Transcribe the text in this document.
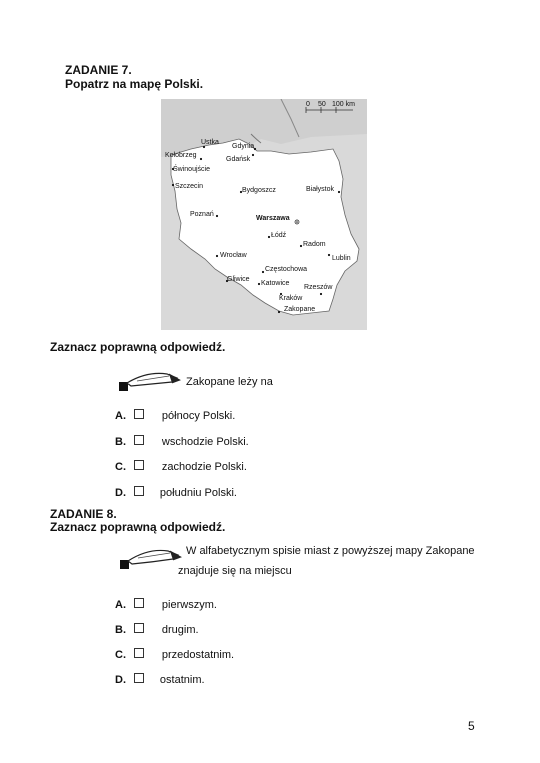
ZADANIE 7.
Popatrz na mapę Polski.
0 50 100 km
Ustka
Gdynia
Kołobrzeg
Gdańsk
Świnoujście
Szczecin
Bydgoszcz	Białystok
Poznań
Warszawa
Łódź
Radom
Lublin
Wrocław
Częstochowa
Gliwice
Katowice
Rzeszów
Kraków
Zakopane
Zaznacz poprawną odpowiedź.
Zakopane leży na
A.	północy Polski.
B.	wschodzie Polski.
C.	zachodzie Polski.
D.	południu Polski.
ZADANIE 8.
Zaznacz poprawną odpowiedź.
W alfabetycznym spisie miast z powyższej mapy Zakopane
znajduje się na miejscu
A.	pierwszym.
B.	drugim.
C.	przedostatnim.
D.	ostatnim.
5
